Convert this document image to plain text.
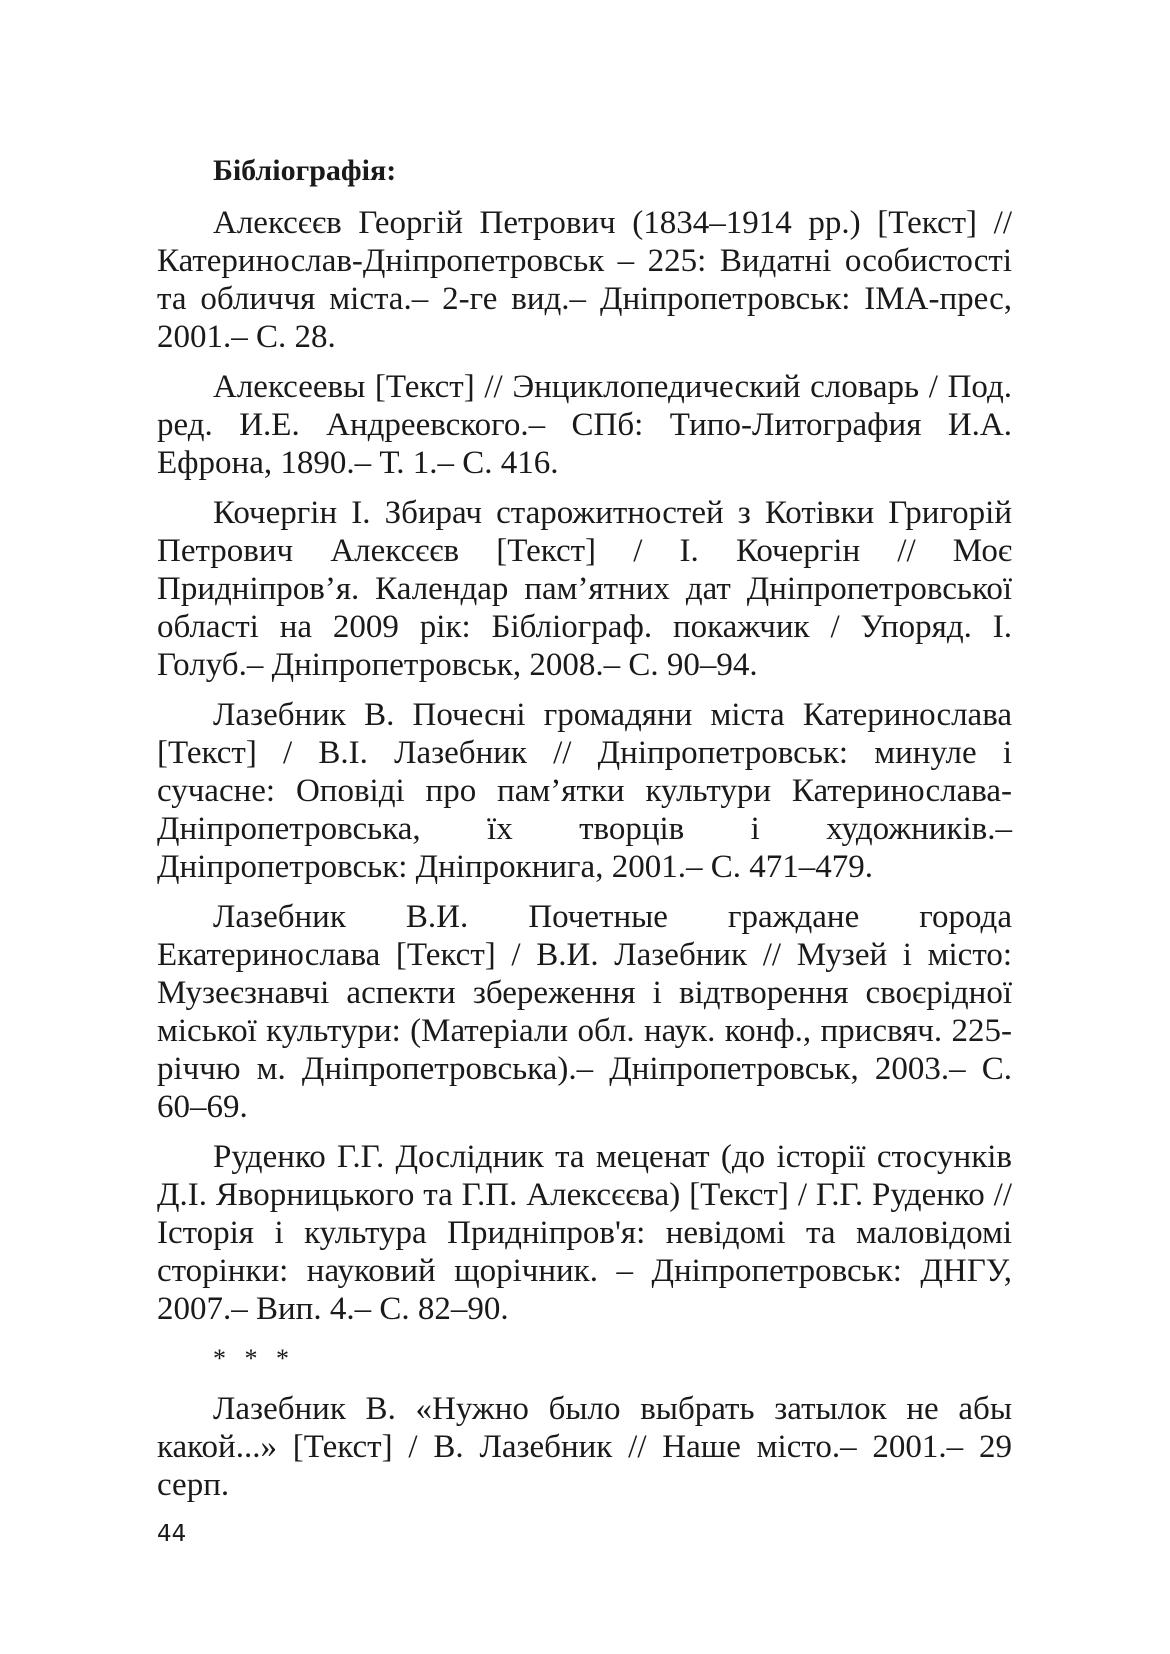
Бібліографія:

Алексєєв Георгій Петрович (1834–1914 рр.) [Текст] // Катеринослав-Дніпропетровськ – 225: Видатні особистості та обличчя міста.– 2-ге вид.– Дніпропетровськ: ІМА-прес, 2001.– С. 28.

Алексеевы [Текст] // Энциклопедический словарь / Под. ред. И.Е. Андреевского.– СПб: Типо-Литография И.А. Ефрона, 1890.– Т. 1.– С. 416.

Кочергін І. Збирач старожитностей з Котівки Григорій Петрович Алексєєв [Текст] / І. Кочергін // Моє Придніпров’я. Календар пам’ятних дат Дніпропетровської області на 2009 рік: Бібліограф. покажчик / Упоряд. І. Голуб.– Дніпропетровськ, 2008.– С. 90–94.

Лазебник В. Почесні громадяни міста Катеринослава [Текст] / В.І. Лазебник // Дніпропетровськ: минуле і сучасне: Оповіді про пам’ятки культури Катеринослава-Дніпропетровська, їх творців і художників.– Дніпропетровськ: Дніпрокнига, 2001.– С. 471–479.

Лазебник В.И. Почетные граждане города Екатеринослава [Текст] / В.И. Лазебник // Музей і місто: Музеєзнавчі аспекти збереження і відтворення своєрідної міської культури: (Матеріали обл. наук. конф., присвяч. 225-річчю м. Дніпропетровська).– Дніпропетровськ, 2003.– С. 60–69.

Руденко Г.Г. Дослідник та меценат (до історії стосунків Д.І. Яворницького та Г.П. Алексєєва) [Текст] / Г.Г. Руденко // Історія і культура Придніпров'я: невідомі та маловідомі сторінки: науковий щорічник. – Дніпропетровськ: ДНГУ, 2007.– Вип. 4.– С. 82–90.

* * *

Лазебник В. «Нужно было выбрать затылок не абы какой...» [Текст] / В. Лазебник // Наше місто.– 2001.– 29 серп.

44
